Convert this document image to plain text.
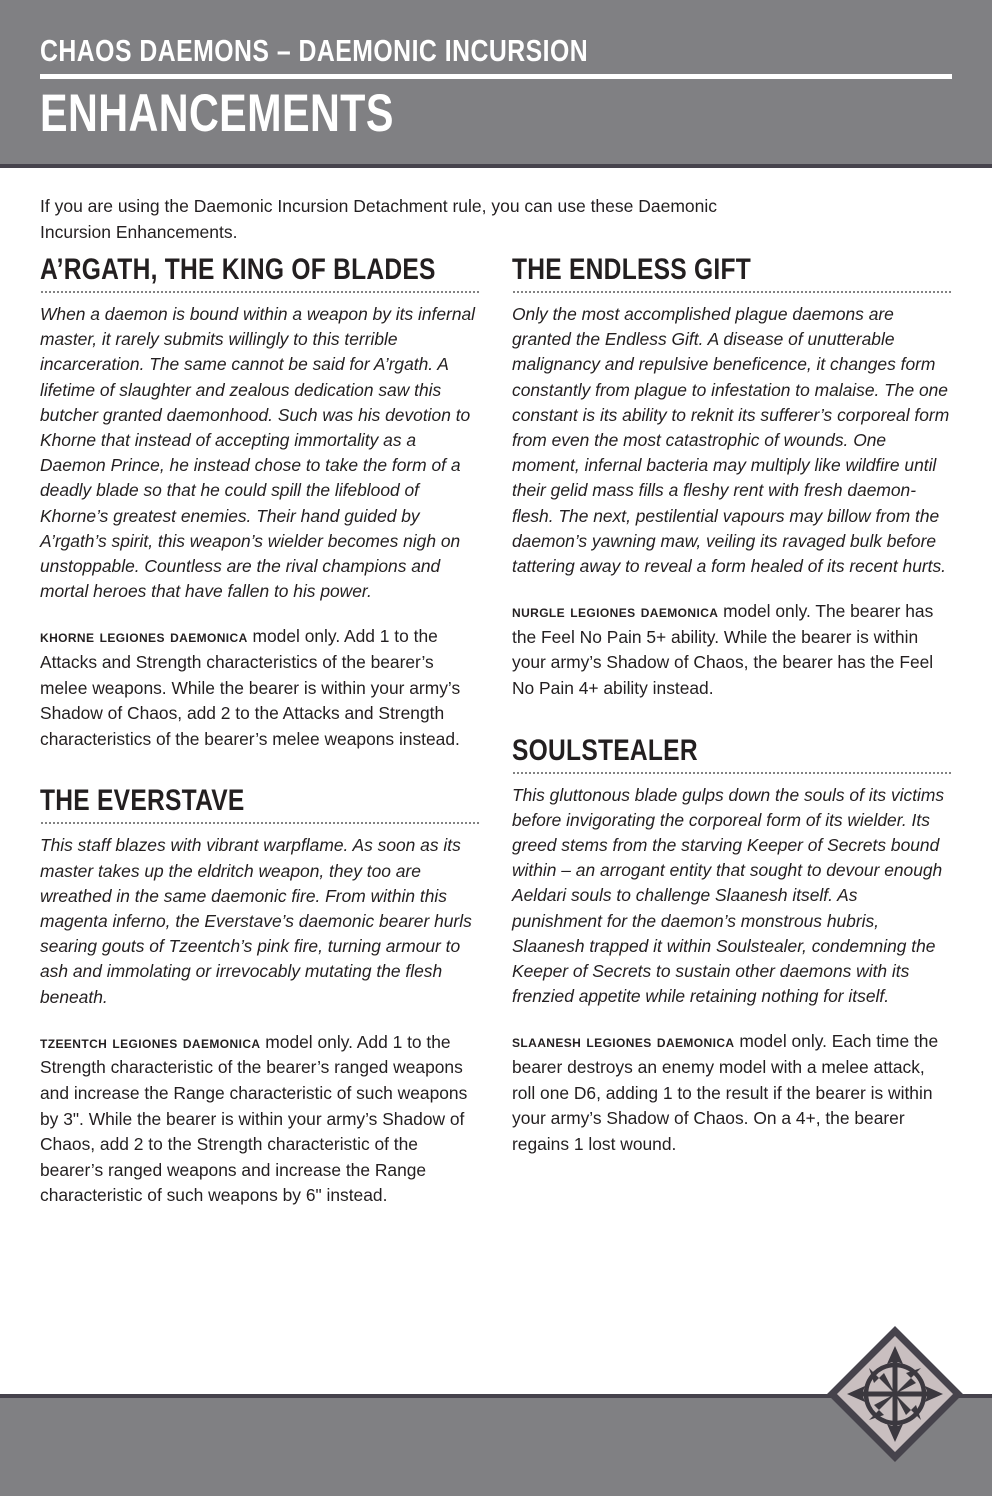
CHAOS DAEMONS – DAEMONIC INCURSION
ENHANCEMENTS
If you are using the Daemonic Incursion Detachment rule, you can use these Daemonic Incursion Enhancements.
A’RGATH, THE KING OF BLADES
When a daemon is bound within a weapon by its infernal master, it rarely submits willingly to this terrible incarceration. The same cannot be said for A’rgath. A lifetime of slaughter and zealous dedication saw this butcher granted daemonhood. Such was his devotion to Khorne that instead of accepting immortality as a Daemon Prince, he instead chose to take the form of a deadly blade so that he could spill the lifeblood of Khorne’s greatest enemies. Their hand guided by A’rgath’s spirit, this weapon’s wielder becomes nigh on unstoppable. Countless are the rival champions and mortal heroes that have fallen to his power.
khorne legiones daemonica model only. Add 1 to the Attacks and Strength characteristics of the bearer’s melee weapons. While the bearer is within your army’s Shadow of Chaos, add 2 to the Attacks and Strength characteristics of the bearer’s melee weapons instead.
THE EVERSTAVE
This staff blazes with vibrant warpflame. As soon as its master takes up the eldritch weapon, they too are wreathed in the same daemonic fire. From within this magenta inferno, the Everstave’s daemonic bearer hurls searing gouts of Tzeentch’s pink fire, turning armour to ash and immolating or irrevocably mutating the flesh beneath.
tzeentch legiones daemonica model only. Add 1 to the Strength characteristic of the bearer’s ranged weapons and increase the Range characteristic of such weapons by 3". While the bearer is within your army’s Shadow of Chaos, add 2 to the Strength characteristic of the bearer’s ranged weapons and increase the Range characteristic of such weapons by 6" instead.
THE ENDLESS GIFT
Only the most accomplished plague daemons are granted the Endless Gift. A disease of unutterable malignancy and repulsive beneficence, it changes form constantly from plague to infestation to malaise. The one constant is its ability to reknit its sufferer’s corporeal form from even the most catastrophic of wounds. One moment, infernal bacteria may multiply like wildfire until their gelid mass fills a fleshy rent with fresh daemon-flesh. The next, pestilential vapours may billow from the daemon’s yawning maw, veiling its ravaged bulk before tattering away to reveal a form healed of its recent hurts.
nurgle legiones daemonica model only. The bearer has the Feel No Pain 5+ ability. While the bearer is within your army’s Shadow of Chaos, the bearer has the Feel No Pain 4+ ability instead.
SOULSTEALER
This gluttonous blade gulps down the souls of its victims before invigorating the corporeal form of its wielder. Its greed stems from the starving Keeper of Secrets bound within – an arrogant entity that sought to devour enough Aeldari souls to challenge Slaanesh itself. As punishment for the daemon’s monstrous hubris, Slaanesh trapped it within Soulstealer, condemning the Keeper of Secrets to sustain other daemons with its frenzied appetite while retaining nothing for itself.
slaanesh legiones daemonica model only. Each time the bearer destroys an enemy model with a melee attack, roll one D6, adding 1 to the result if the bearer is within your army’s Shadow of Chaos. On a 4+, the bearer regains 1 lost wound.
